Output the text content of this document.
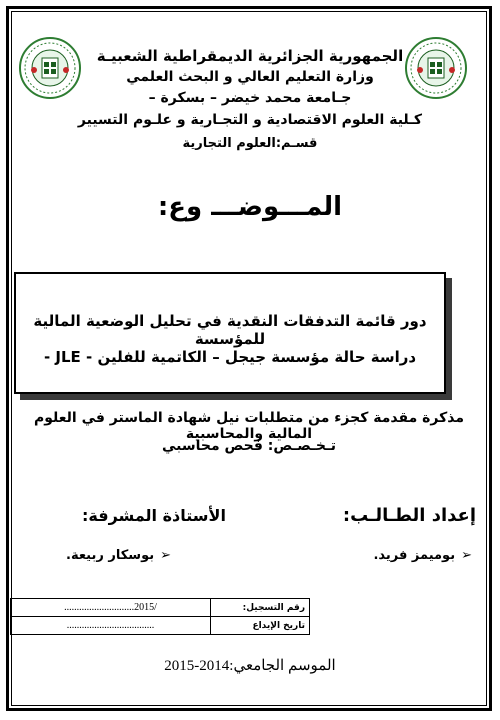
الجمهورية الجزائرية الديمقراطية الشعبيـة
وزارة التعليم العالي و البحث العلمي
جـامعة محمد خيضر – بسكرة –
كـلية العلوم الاقتصادية و التجـارية و علـوم التسيير
قسـم:العلوم التجارية
المـــوضـــ وع:
دور قائمة التدفقات النقدية في تحليل الوضعية المالية للمؤسسة
دراسة حالة مؤسسة جيجل – الكاتمية للفلين - JLE -
مذكرة مقدمة كجزء من متطلبات نيل شهادة الماستر في العلوم المالية والمحاسبية
تـخـصـص: فحص محاسبي
إعداد الطـالـب:
الأستاذة المشرفة:
➢
بوميمز فريد.
➢
بوسكار ربيعة.
............................2015/	رقم التسجيل:
...................................	تاريخ الإيداع
الموسم الجامعي:2014-2015
